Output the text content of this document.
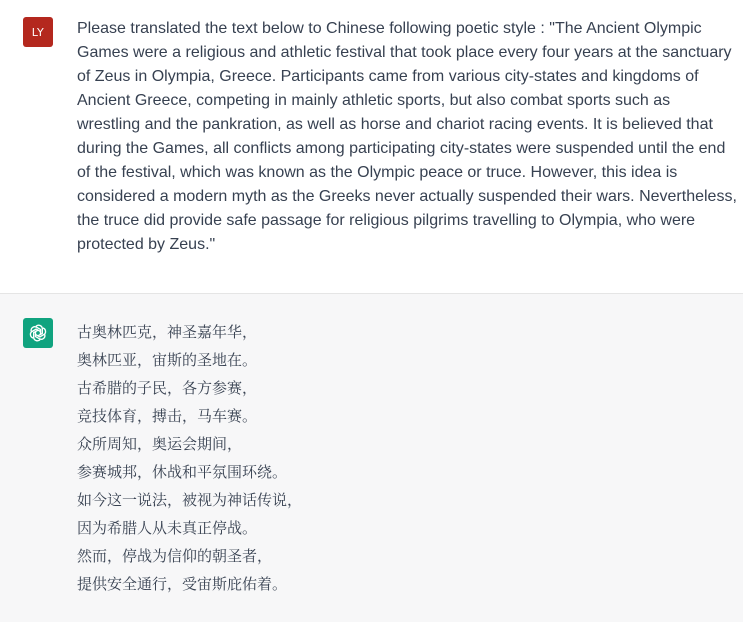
LY Please translated the text below to Chinese following poetic style : "The Ancient Olympic Games were a religious and athletic festival that took place every four years at the sanctuary of Zeus in Olympia, Greece. Participants came from various city-states and kingdoms of Ancient Greece, competing in mainly athletic sports, but also combat sports such as wrestling and the pankration, as well as horse and chariot racing events. It is believed that during the Games, all conflicts among participating city-states were suspended until the end of the festival, which was known as the Olympic peace or truce. However, this idea is considered a modern myth as the Greeks never actually suspended their wars. Nevertheless, the truce did provide safe passage for religious pilgrims travelling to Olympia, who were protected by Zeus."

古奥林匹克，神圣嘉年华，
奥林匹亚，宙斯的圣地在。
古希腊的子民，各方参赛，
竞技体育，搏击，马车赛。
众所周知，奥运会期间，
参赛城邦，休战和平氛围环绕。
如今这一说法，被视为神话传说，
因为希腊人从未真正停战。
然而，停战为信仰的朝圣者，
提供安全通行，受宙斯庇佑着。
